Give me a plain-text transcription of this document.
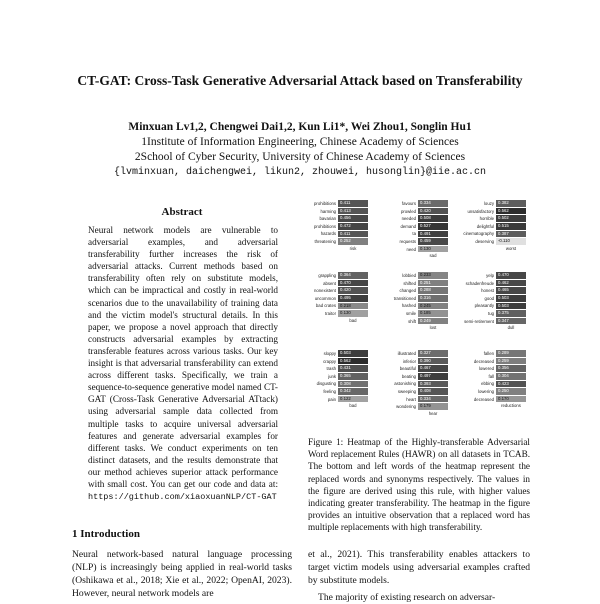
CT-GAT: Cross-Task Generative Adversarial Attack based on Transferability
Minxuan Lv1,2, Chengwei Dai1,2, Kun Li1*, Wei Zhou1, Songlin Hu1
1Institute of Information Engineering, Chinese Academy of Sciences
2School of Cyber Security, University of Chinese Academy of Sciences
{lvminxuan, daichengwei, likun2, zhouwei, husonglin}@iie.ac.cn
Abstract
Neural network models are vulnerable to adversarial examples, and adversarial transferability further increases the risk of adversarial attacks. Current methods based on transferability often rely on substitute models, which can be impractical and costly in real-world scenarios due to the unavailability of training data and the victim model's structural details. In this paper, we propose a novel approach that directly constructs adversarial examples by extracting transferable features across various tasks. Our key insight is that adversarial transferability can extend across different tasks. Specifically, we train a sequence-to-sequence generative model named CT-GAT (Cross-Task Generative Adversarial ATtack) using adversarial sample data collected from multiple tasks to acquire universal adversarial features and generate adversarial examples for different tasks. We conduct experiments on ten distinct datasets, and the results demonstrate that our method achieves superior attack performance with small cost. You can get our code and data at: https://github.com/xiaoxuanNLP/CT-GAT
prohibitions 0.411
harming 0.413
bavarian 0.456
prohibitions 0.472
hazards 0.411
threatening 0.252
risk
favours 0.334
prowled 0.420
needed 0.508
demand 0.527
ta 0.491
requests 0.459
need 0.130
sad
louzy 0.382
unsatisfactory 0.562
horrible 0.502
delightful 0.515
cinematography 0.387
deserving -0.110
worst
grappling 0.364
absent 0.470
nonexistent 0.420
uncommon 0.495
bad crates 0.218
traitor 0.130
bad
lobbied 0.233
shifted 0.251
changed 0.288
transitioned 0.316
hashed 0.245
smile 0.185
shift 0.249
lost
yelp 0.470
schadenfreude 0.462
honest 0.465
good 0.503
pleasantly 0.503
tug 0.375
semi-retirement 0.347
dull
sloppy 0.503
crappy 0.562
trash 0.431
junk 0.365
disgusting 0.308
feeling 0.342
pain 0.122
bad
illustrated 0.327
inferior 0.390
beautiful 0.467
beating 0.497
astonishing 0.393
sweeping 0.408
heart 0.334
wondering 0.179
hear
fallen 0.289
decreased 0.259
lowered 0.356
fall 0.304
ebbing 0.423
lowering 0.250
decreased 0.170
reductions
Figure 1: Heatmap of the Highly-transferable Adversarial Word replacement Rules (HAWR) on all datasets in TCAB. The bottom and left words of the heatmap represent the replaced words and synonyms respectively. The values in the figure are derived using this rule, with higher values indicating greater transferability. The heatmap in the figure provides an intuitive observation that a replaced word has multiple replacements with high transferability.
1 Introduction
Neural network-based natural language processing (NLP) is increasingly being applied in real-world tasks (Oshikawa et al., 2018; Xie et al., 2022; OpenAI, 2023). However, neural network models are
et al., 2021). This transferability enables attackers to target victim models using adversarial examples crafted by substitute models.
The majority of existing research on adversar-
